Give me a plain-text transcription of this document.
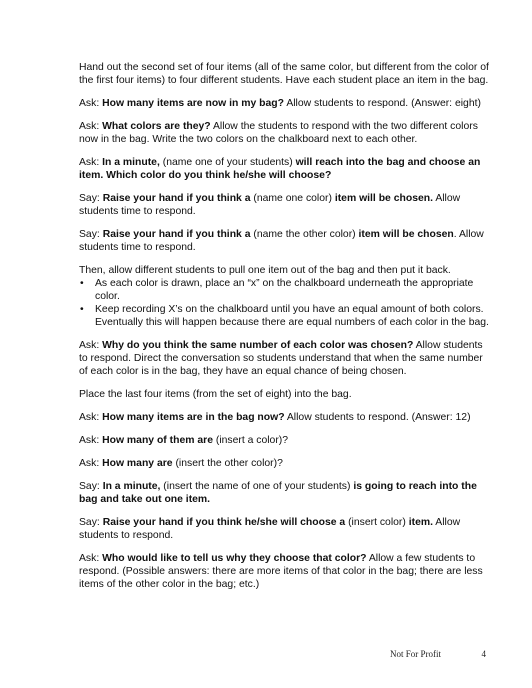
Hand out the second set of four items (all of the same color, but different from the color of the first four items) to four different students. Have each student place an item in the bag.

Ask: How many items are now in my bag? Allow students to respond. (Answer: eight)

Ask: What colors are they? Allow the students to respond with the two different colors now in the bag. Write the two colors on the chalkboard next to each other.

Ask: In a minute, (name one of your students) will reach into the bag and choose an item. Which color do you think he/she will choose?

Say: Raise your hand if you think a (name one color) item will be chosen. Allow students time to respond.

Say: Raise your hand if you think a (name the other color) item will be chosen. Allow students time to respond.

Then, allow different students to pull one item out of the bag and then put it back.

• As each color is drawn, place an “x” on the chalkboard underneath the appropriate color.
• Keep recording X’s on the chalkboard until you have an equal amount of both colors. Eventually this will happen because there are equal numbers of each color in the bag.

Ask: Why do you think the same number of each color was chosen? Allow students to respond. Direct the conversation so students understand that when the same number of each color is in the bag, they have an equal chance of being chosen.

Place the last four items (from the set of eight) into the bag.

Ask: How many items are in the bag now? Allow students to respond. (Answer: 12)

Ask: How many of them are (insert a color)?

Ask: How many are (insert the other color)?

Say: In a minute, (insert the name of one of your students) is going to reach into the bag and take out one item.

Say: Raise your hand if you think he/she will choose a (insert color) item. Allow students to respond.

Ask: Who would like to tell us why they choose that color? Allow a few students to respond. (Possible answers: there are more items of that color in the bag; there are less items of the other color in the bag; etc.)

Not For Profit	4
